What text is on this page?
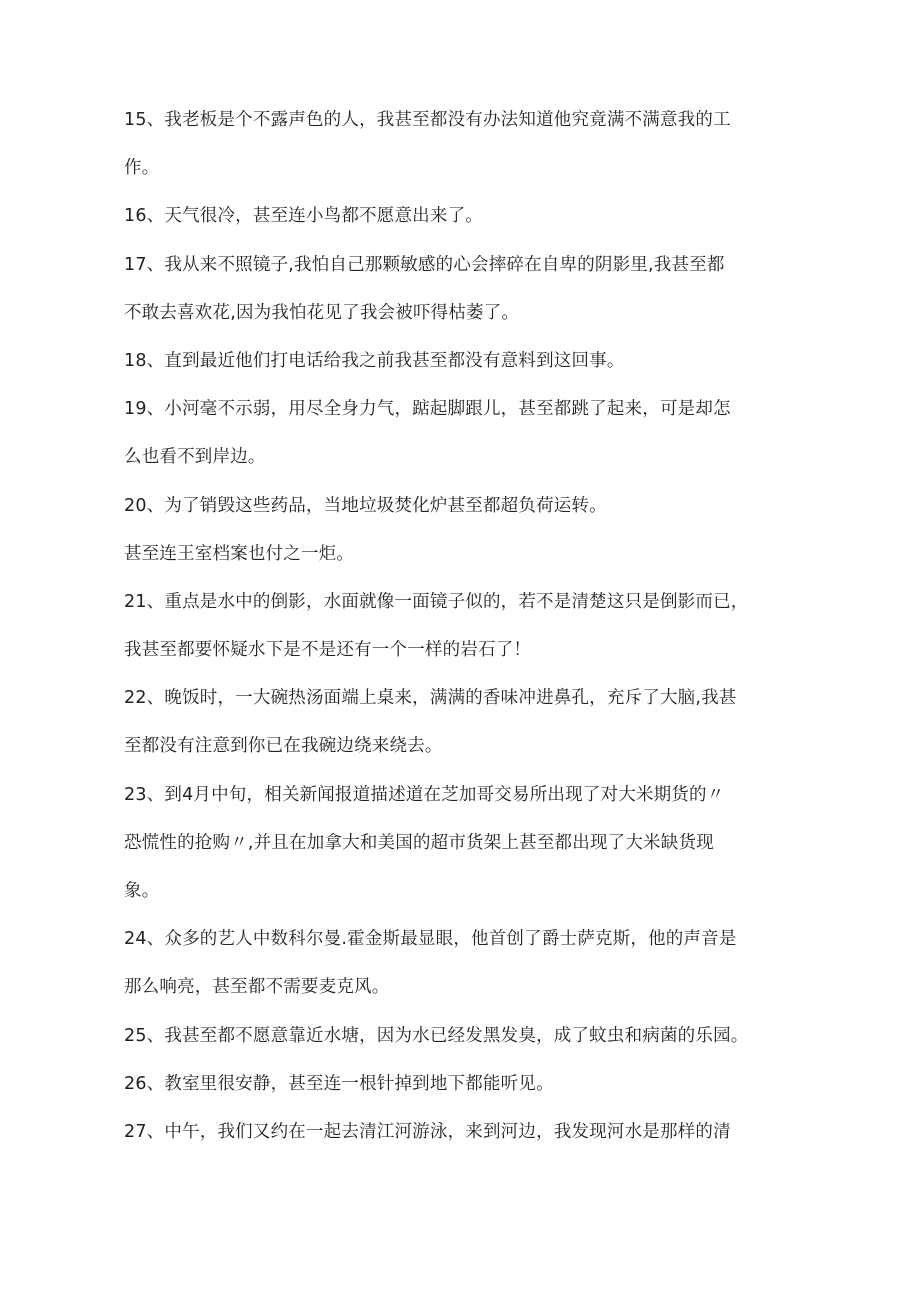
15、我老板是个不露声色的人，我甚至都没有办法知道他究竟满不满意我的工
作。
16、天气很冷，甚至连小鸟都不愿意出来了。
17、我从来不照镜子,我怕自己那颗敏感的心会摔碎在自卑的阴影里,我甚至都
不敢去喜欢花,因为我怕花见了我会被吓得枯萎了。
18、直到最近他们打电话给我之前我甚至都没有意料到这回事。
19、小河毫不示弱，用尽全身力气，踮起脚跟儿，甚至都跳了起来，可是却怎
么也看不到岸边。
20、为了销毁这些药品，当地垃圾焚化炉甚至都超负荷运转。
甚至连王室档案也付之一炬。
21、重点是水中的倒影，水面就像一面镜子似的，若不是清楚这只是倒影而已，
我甚至都要怀疑水下是不是还有一个一样的岩石了！
22、晚饭时，一大碗热汤面端上桌来，满满的香味冲进鼻孔，充斥了大脑,我甚
至都没有注意到你已在我碗边绕来绕去。
23、到4月中旬，相关新闻报道描述道在芝加哥交易所出现了对大米期货的〃
恐慌性的抢购〃,并且在加拿大和美国的超市货架上甚至都出现了大米缺货现
象。
24、众多的艺人中数科尔曼.霍金斯最显眼，他首创了爵士萨克斯，他的声音是
那么响亮，甚至都不需要麦克风。
25、我甚至都不愿意靠近水塘，因为水已经发黑发臭，成了蚊虫和病菌的乐园。
26、教室里很安静，甚至连一根针掉到地下都能听见。
27、中午，我们又约在一起去清江河游泳，来到河边，我发现河水是那样的清
